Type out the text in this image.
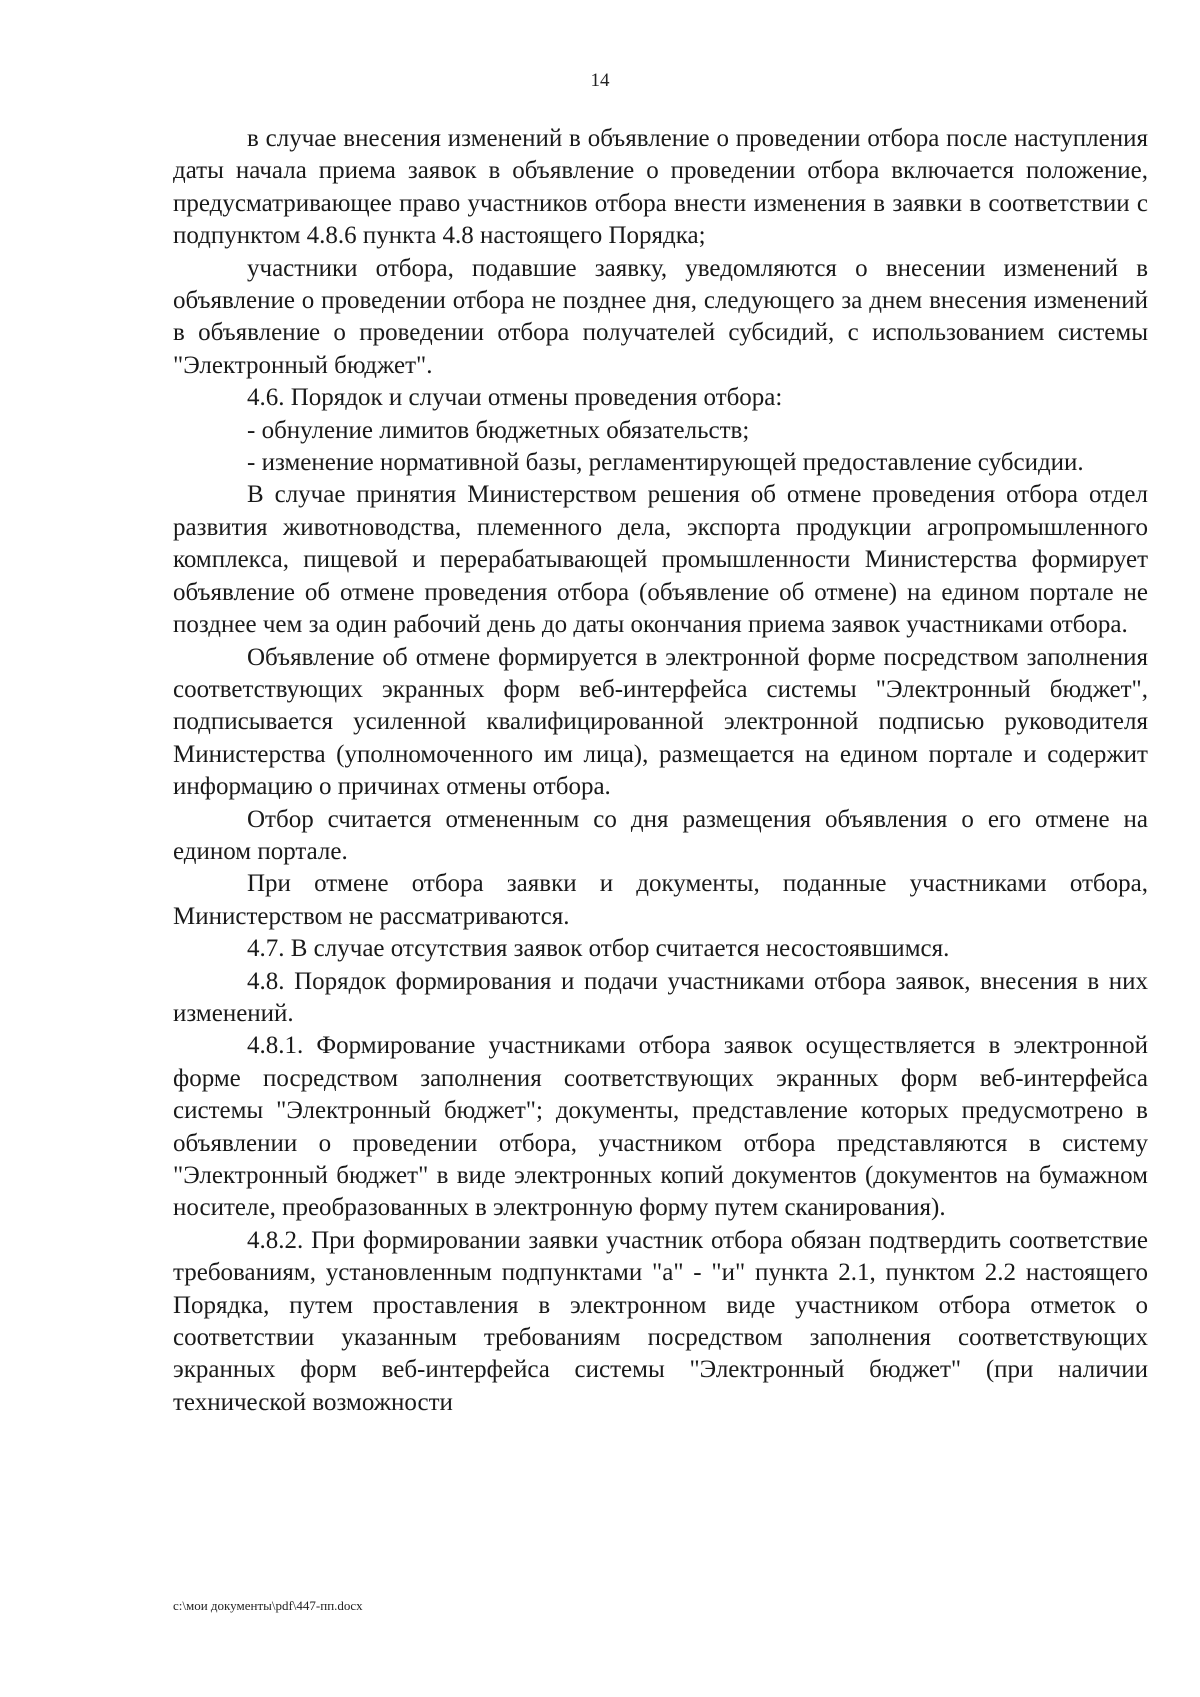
14

в случае внесения изменений в объявление о проведении отбора после наступления даты начала приема заявок в объявление о проведении отбора включается положение, предусматривающее право участников отбора внести изменения в заявки в соответствии с подпунктом 4.8.6 пункта 4.8 настоящего Порядка;

участники отбора, подавшие заявку, уведомляются о внесении изменений в объявление о проведении отбора не позднее дня, следующего за днем внесения изменений в объявление о проведении отбора получателей субсидий, с использованием системы "Электронный бюджет".

4.6. Порядок и случаи отмены проведения отбора:

- обнуление лимитов бюджетных обязательств;

- изменение нормативной базы, регламентирующей предоставление субсидии.

В случае принятия Министерством решения об отмене проведения отбора отдел развития животноводства, племенного дела, экспорта продукции агропромышленного комплекса, пищевой и перерабатывающей промышленности Министерства формирует объявление об отмене проведения отбора (объявление об отмене) на едином портале не позднее чем за один рабочий день до даты окончания приема заявок участниками отбора.

Объявление об отмене формируется в электронной форме посредством заполнения соответствующих экранных форм веб-интерфейса системы "Электронный бюджет", подписывается усиленной квалифицированной электронной подписью руководителя Министерства (уполномоченного им лица), размещается на едином портале и содержит информацию о причинах отмены отбора.

Отбор считается отмененным со дня размещения объявления о его отмене на едином портале.

При отмене отбора заявки и документы, поданные участниками отбора, Министерством не рассматриваются.

4.7. В случае отсутствия заявок отбор считается несостоявшимся.

4.8. Порядок формирования и подачи участниками отбора заявок, внесения в них изменений.

4.8.1. Формирование участниками отбора заявок осуществляется в электронной форме посредством заполнения соответствующих экранных форм веб-интерфейса системы "Электронный бюджет"; документы, представление которых предусмотрено в объявлении о проведении отбора, участником отбора представляются в систему "Электронный бюджет" в виде электронных копий документов (документов на бумажном носителе, преобразованных в электронную форму путем сканирования).

4.8.2. При формировании заявки участник отбора обязан подтвердить соответствие требованиям, установленным подпунктами "а" - "и" пункта 2.1, пунктом 2.2 настоящего Порядка, путем проставления в электронном виде участником отбора отметок о соответствии указанным требованиям посредством заполнения соответствующих экранных форм веб-интерфейса системы "Электронный бюджет" (при наличии технической возможности

c:\мои документы\pdf\447-пп.docx
